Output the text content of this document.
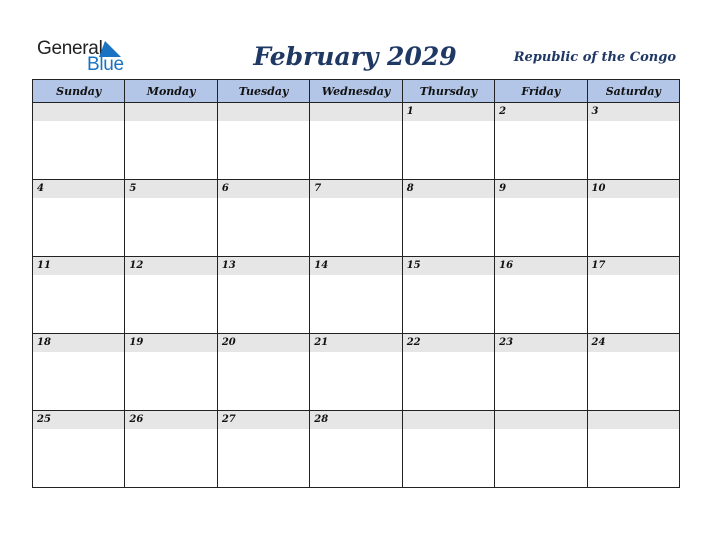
General
Blue	February 2029	Republic of the Congo
Sunday	Monday	Tuesday	Wednesday	Thursday	Friday	Saturday

				1	2	3

4	5	6	7	8	9	10

11	12	13	14	15	16	17

18	19	20	21	22	23	24

25	26	27	28			
